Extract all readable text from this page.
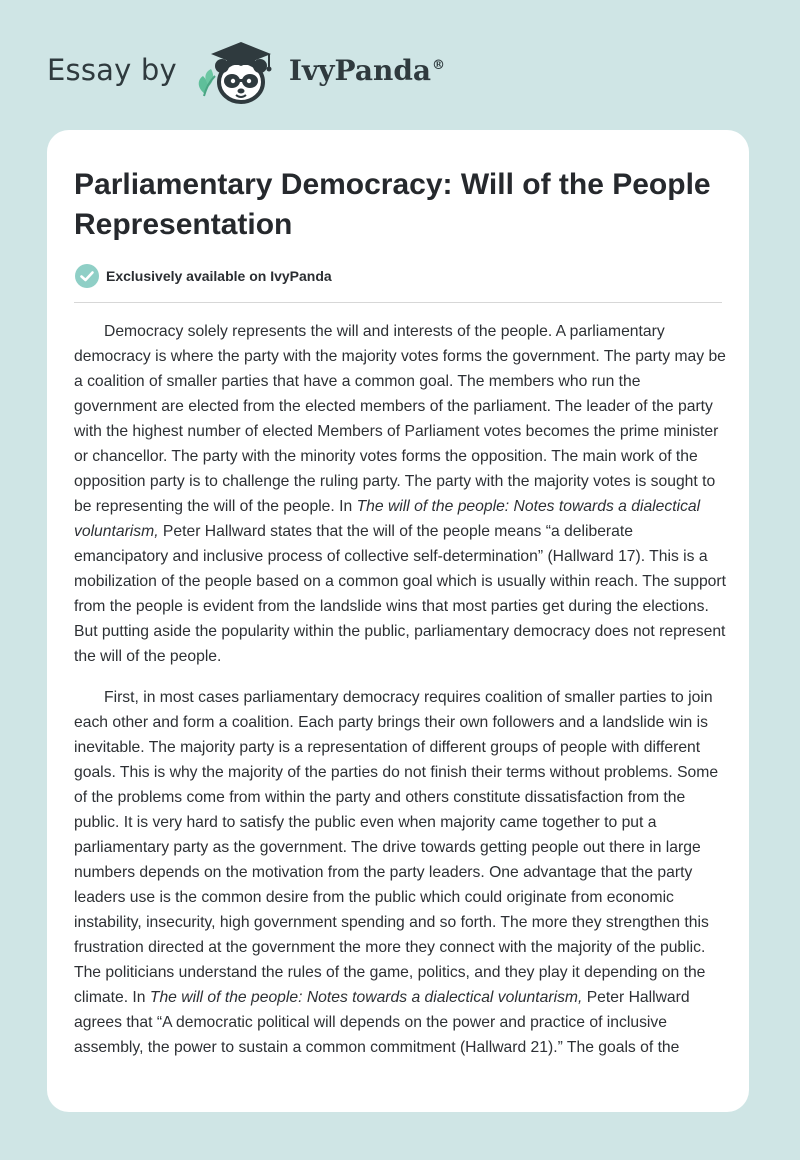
Essay by	IvyPanda®
Parliamentary Democracy: Will of the People Representation
Exclusively available on IvyPanda

Democracy solely represents the will and interests of the people. A parliamentary democracy is where the party with the majority votes forms the government. The party may be a coalition of smaller parties that have a common goal. The members who run the government are elected from the elected members of the parliament. The leader of the party with the highest number of elected Members of Parliament votes becomes the prime minister or chancellor. The party with the minority votes forms the opposition. The main work of the opposition party is to challenge the ruling party. The party with the majority votes is sought to be representing the will of the people. In The will of the people: Notes towards a dialectical voluntarism, Peter Hallward states that the will of the people means “a deliberate emancipatory and inclusive process of collective self-determination” (Hallward 17). This is a mobilization of the people based on a common goal which is usually within reach. The support from the people is evident from the landslide wins that most parties get during the elections. But putting aside the popularity within the public, parliamentary democracy does not represent the will of the people.

First, in most cases parliamentary democracy requires coalition of smaller parties to join each other and form a coalition. Each party brings their own followers and a landslide win is inevitable. The majority party is a representation of different groups of people with different goals. This is why the majority of the parties do not finish their terms without problems. Some of the problems come from within the party and others constitute dissatisfaction from the public. It is very hard to satisfy the public even when majority came together to put a parliamentary party as the government. The drive towards getting people out there in large numbers depends on the motivation from the party leaders. One advantage that the party leaders use is the common desire from the public which could originate from economic instability, insecurity, high government spending and so forth. The more they strengthen this frustration directed at the government the more they connect with the majority of the public. The politicians understand the rules of the game, politics, and they play it depending on the climate. In The will of the people: Notes towards a dialectical voluntarism, Peter Hallward agrees that “A democratic political will depends on the power and practice of inclusive assembly, the power to sustain a common commitment (Hallward 21).” The goals of the
